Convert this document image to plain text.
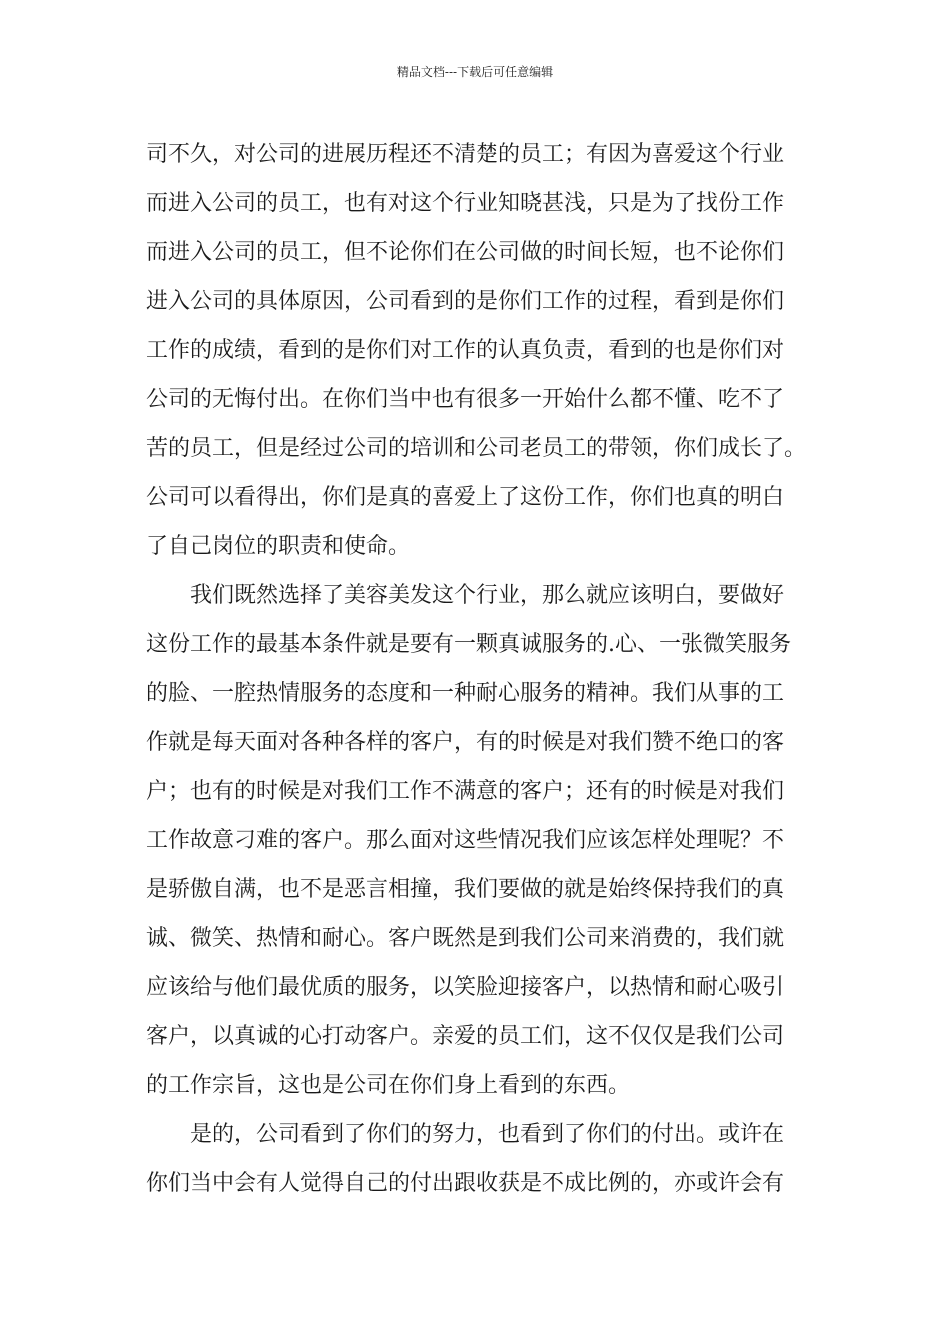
精品文档---下载后可任意编辑
司不久，对公司的进展历程还不清楚的员工；有因为喜爱这个行业
而进入公司的员工，也有对这个行业知晓甚浅，只是为了找份工作
而进入公司的员工，但不论你们在公司做的时间长短，也不论你们
进入公司的具体原因，公司看到的是你们工作的过程，看到是你们
工作的成绩，看到的是你们对工作的认真负责，看到的也是你们对
公司的无悔付出。在你们当中也有很多一开始什么都不懂、吃不了
苦的员工，但是经过公司的培训和公司老员工的带领，你们成长了。
公司可以看得出，你们是真的喜爱上了这份工作，你们也真的明白
了自己岗位的职责和使命。
我们既然选择了美容美发这个行业，那么就应该明白，要做好
这份工作的最基本条件就是要有一颗真诚服务的.心、一张微笑服务
的脸、一腔热情服务的态度和一种耐心服务的精神。我们从事的工
作就是每天面对各种各样的客户，有的时候是对我们赞不绝口的客
户；也有的时候是对我们工作不满意的客户；还有的时候是对我们
工作故意刁难的客户。那么面对这些情况我们应该怎样处理呢？不
是骄傲自满，也不是恶言相撞，我们要做的就是始终保持我们的真
诚、微笑、热情和耐心。客户既然是到我们公司来消费的，我们就
应该给与他们最优质的服务，以笑脸迎接客户，以热情和耐心吸引
客户，以真诚的心打动客户。亲爱的员工们，这不仅仅是我们公司
的工作宗旨，这也是公司在你们身上看到的东西。
是的，公司看到了你们的努力，也看到了你们的付出。或许在
你们当中会有人觉得自己的付出跟收获是不成比例的，亦或许会有
